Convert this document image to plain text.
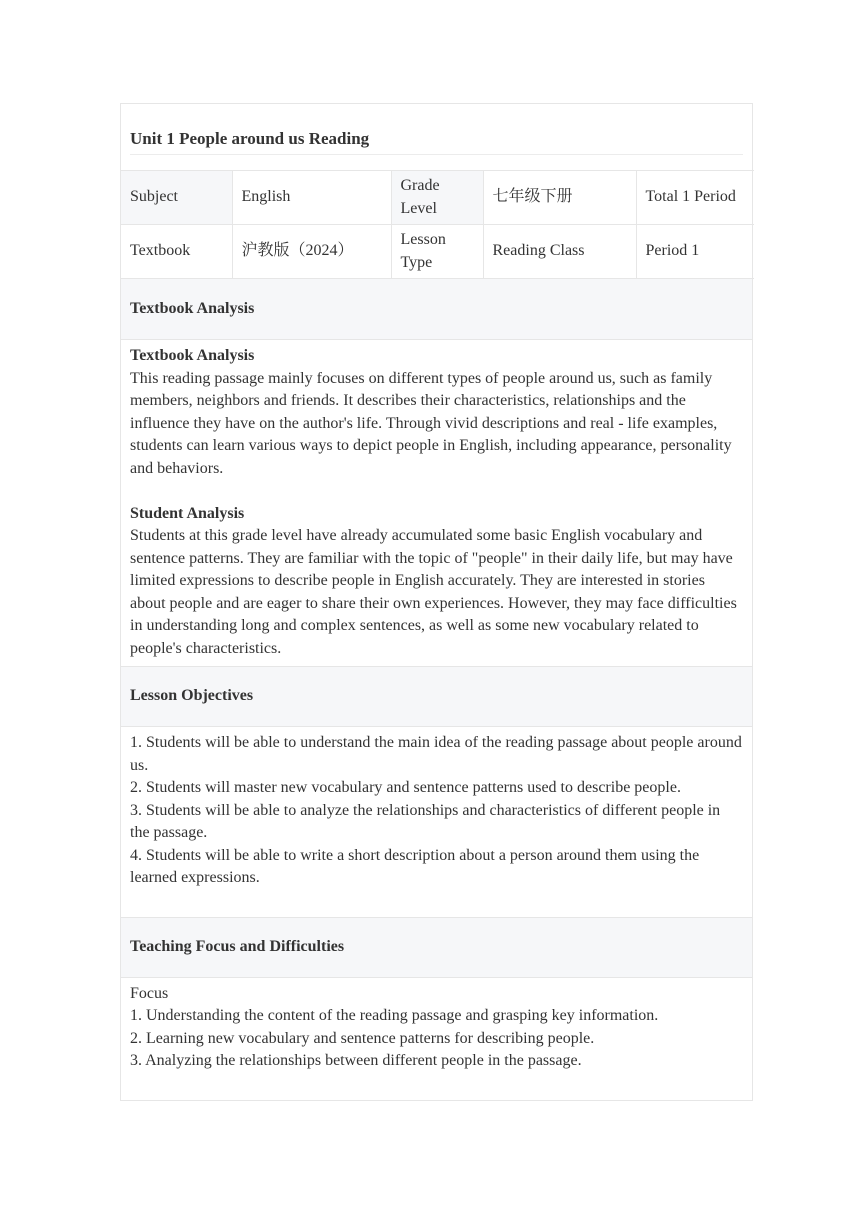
Unit 1 People around us Reading
Subject	English	Grade Level	七年级下册	Total 1 Period
Textbook	沪教版（2024）	Lesson Type	Reading Class	Period 1
Textbook Analysis
Textbook Analysis
This reading passage mainly focuses on different types of people around us, such as family members, neighbors and friends. It describes their characteristics, relationships and the influence they have on the author's life. Through vivid descriptions and real - life examples, students can learn various ways to depict people in English, including appearance, personality and behaviors.
Student Analysis
Students at this grade level have already accumulated some basic English vocabulary and sentence patterns. They are familiar with the topic of "people" in their daily life, but may have limited expressions to describe people in English accurately. They are interested in stories about people and are eager to share their own experiences. However, they may face difficulties in understanding long and complex sentences, as well as some new vocabulary related to people's characteristics.
Lesson Objectives
1. Students will be able to understand the main idea of the reading passage about people around us.
2. Students will master new vocabulary and sentence patterns used to describe people.
3. Students will be able to analyze the relationships and characteristics of different people in the passage.
4. Students will be able to write a short description about a person around them using the learned expressions.
Teaching Focus and Difficulties
Focus
1. Understanding the content of the reading passage and grasping key information.
2. Learning new vocabulary and sentence patterns for describing people.
3. Analyzing the relationships between different people in the passage.
